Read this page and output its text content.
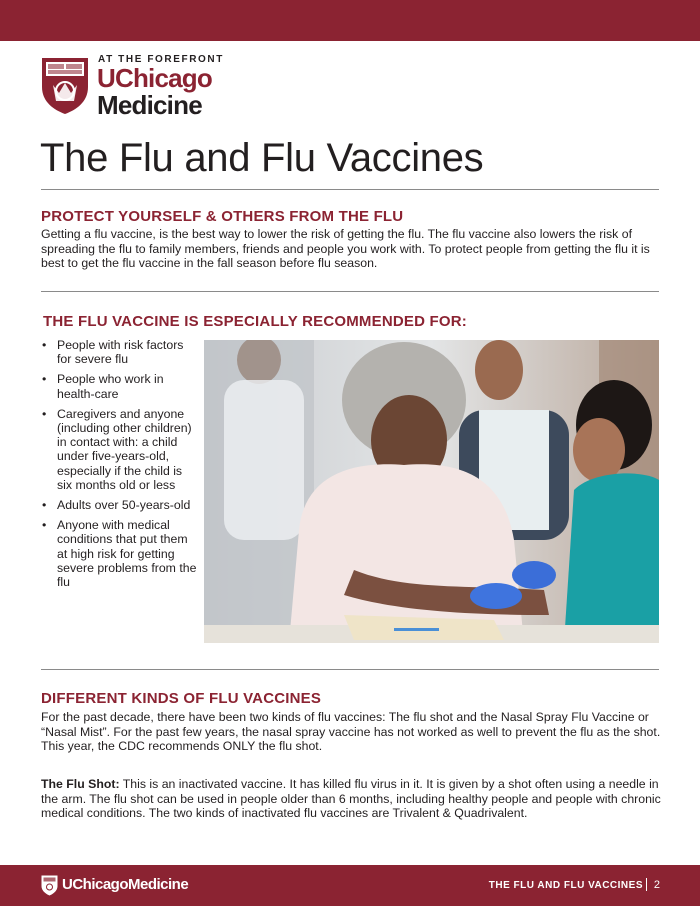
AT THE FOREFRONT
UChicago
Medicine
The Flu and Flu Vaccines
PROTECT YOURSELF & OTHERS FROM THE FLU

Getting a flu vaccine, is the best way to lower the risk of getting the flu. The flu vaccine also lowers the risk of spreading the flu to family members, friends and people you work with. To protect people from getting the flu it is best to get the flu vaccine in the fall season before flu season.

THE FLU VACCINE IS ESPECIALLY RECOMMENDED FOR:
• People with risk factors for severe flu
• People who work in health-care
• Caregivers and anyone (including other children) in contact with: a child under five-years-old, especially if the child is six months old or less
• Adults over 50-years-old
• Anyone with medical conditions that put them at high risk for getting severe problems from the flu
DIFFERENT KINDS OF FLU VACCINES

For the past decade, there have been two kinds of flu vaccines: The flu shot and the Nasal Spray Flu Vaccine or “Nasal Mist”. For the past few years, the nasal spray vaccine has not worked as well to prevent the flu as the shot. This year, the CDC recommends ONLY the flu shot.

The Flu Shot: This is an inactivated vaccine. It has killed flu virus in it. It is given by a shot often using a needle in the arm. The flu shot can be used in people older than 6 months, including healthy people and people with chronic medical conditions. The two kinds of inactivated flu vaccines are Trivalent & Quadrivalent.

UChicagoMedicine	THE FLU AND FLU VACCINES 2
